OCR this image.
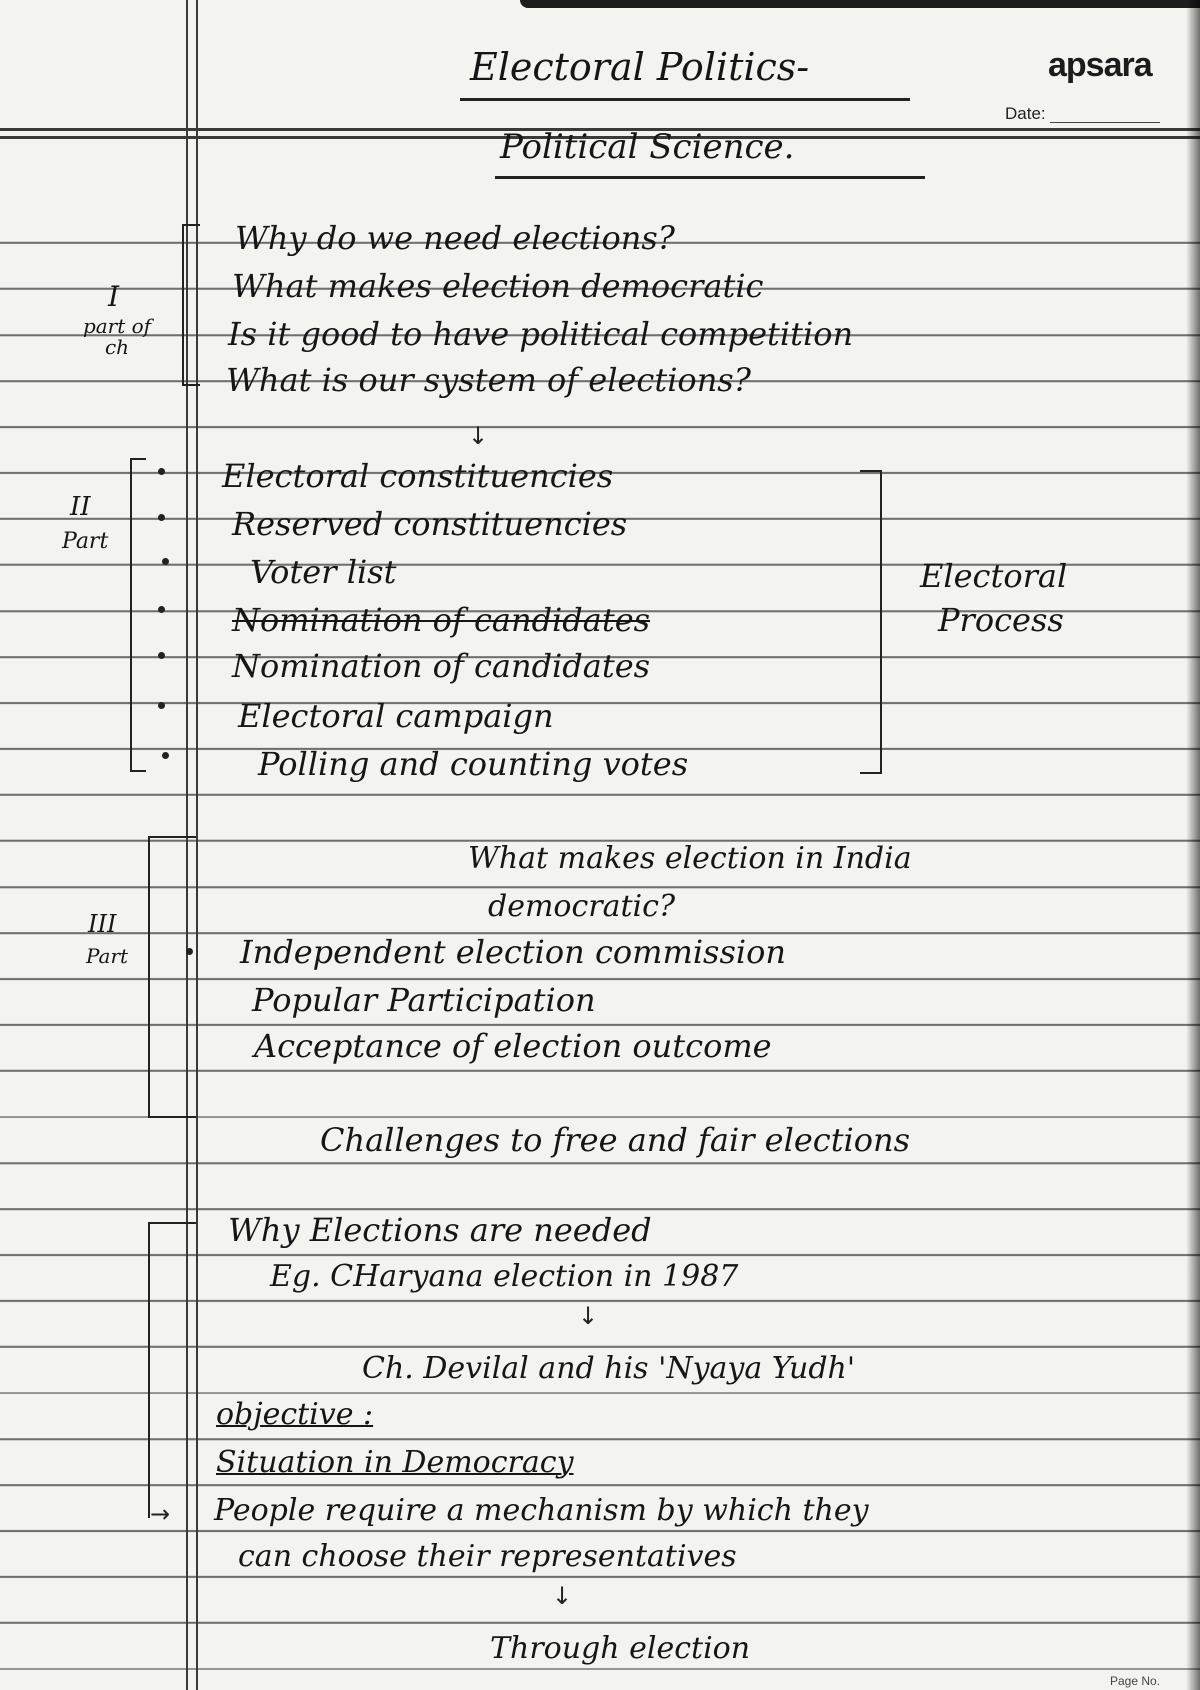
Electoral Politics-
Political Science.
apsara
Date:
I
part of ch
Why do we need elections?
What makes election democratic
Is it good to have political competition
What is our system of elections?
↓
II
Part
Electoral constituencies
Reserved constituencies
Voter list
Nomination of candidates
Nomination of candidates
Electoral campaign
Polling and counting votes
Electoral
Process
III
Part
What makes election in India
democratic?
Independent election commission
Popular Participation
Acceptance of election outcome
Challenges to free and fair elections
Why Elections are needed
Eg. CHaryana election in 1987
↓
Ch. Devilal and his 'Nyaya Yudh'
objective :
Situation in Democracy
→ People require a mechanism by which they
can choose their representatives
↓
Through election
Page No.
